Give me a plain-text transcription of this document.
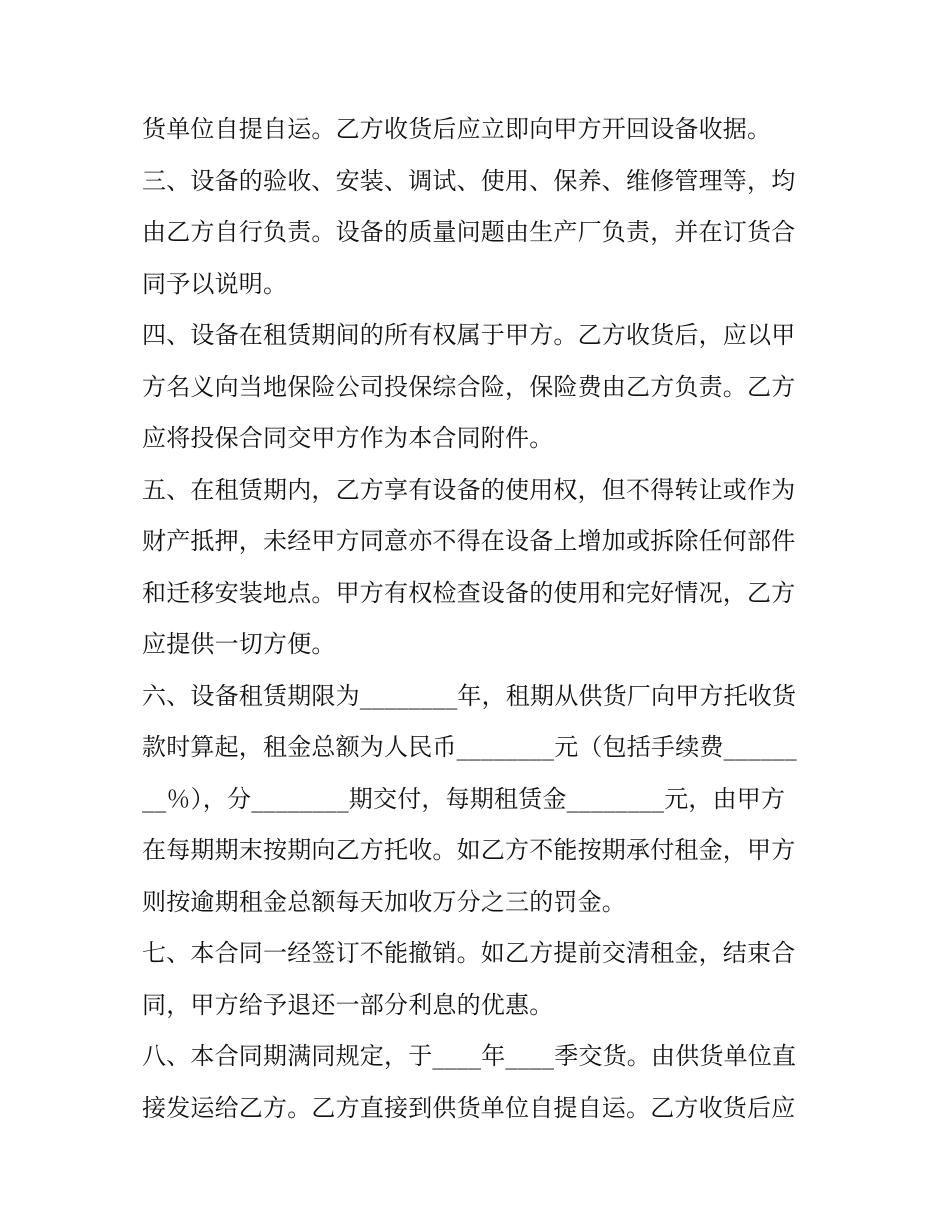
货单位自提自运。乙方收货后应立即向甲方开回设备收据。
三、设备的验收、安装、调试、使用、保养、维修管理等，均
由乙方自行负责。设备的质量问题由生产厂负责，并在订货合
同予以说明。
四、设备在租赁期间的所有权属于甲方。乙方收货后，应以甲
方名义向当地保险公司投保综合险，保险费由乙方负责。乙方
应将投保合同交甲方作为本合同附件。
五、在租赁期内，乙方享有设备的使用权，但不得转让或作为
财产抵押，未经甲方同意亦不得在设备上增加或拆除任何部件
和迁移安装地点。甲方有权检查设备的使用和完好情况，乙方
应提供一切方便。
六、设备租赁期限为________年，租期从供货厂向甲方托收货
款时算起，租金总额为人民币________元（包括手续费______
__％），分________期交付，每期租赁金________元，由甲方
在每期期末按期向乙方托收。如乙方不能按期承付租金，甲方
则按逾期租金总额每天加收万分之三的罚金。
七、本合同一经签订不能撤销。如乙方提前交清租金，结束合
同，甲方给予退还一部分利息的优惠。
八、本合同期满同规定，于____年____季交货。由供货单位直
接发运给乙方。乙方直接到供货单位自提自运。乙方收货后应
